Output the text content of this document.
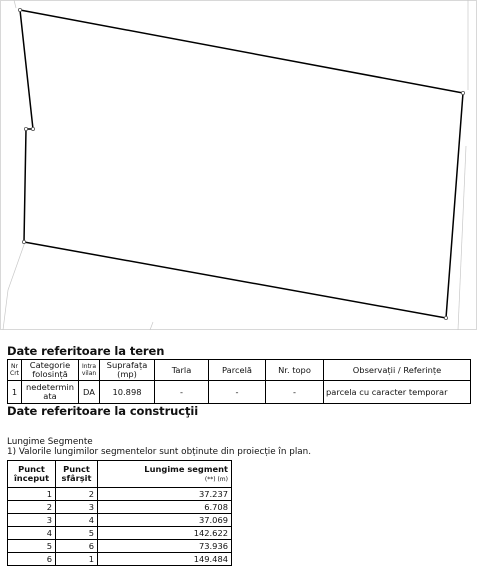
Date referitoare la teren
Nr Crt	Categorie folosință	Intra vilan	Suprafața (mp)	Tarla	Parcelă	Nr. topo	Observații / Referințe
1	nedeterminata	DA	10.898	-	-	-	parcela cu caracter temporar
Date referitoare la construcţii
Lungime Segmente
1) Valorile lungimilor segmentelor sunt obținute din proiecție în plan.
Punct început	Punct sfârșit	Lungime segment
(**) (m)
1	2	37.237
2	3	6.708
3	4	37.069
4	5	142.622
5	6	73.936
6	1	149.484
